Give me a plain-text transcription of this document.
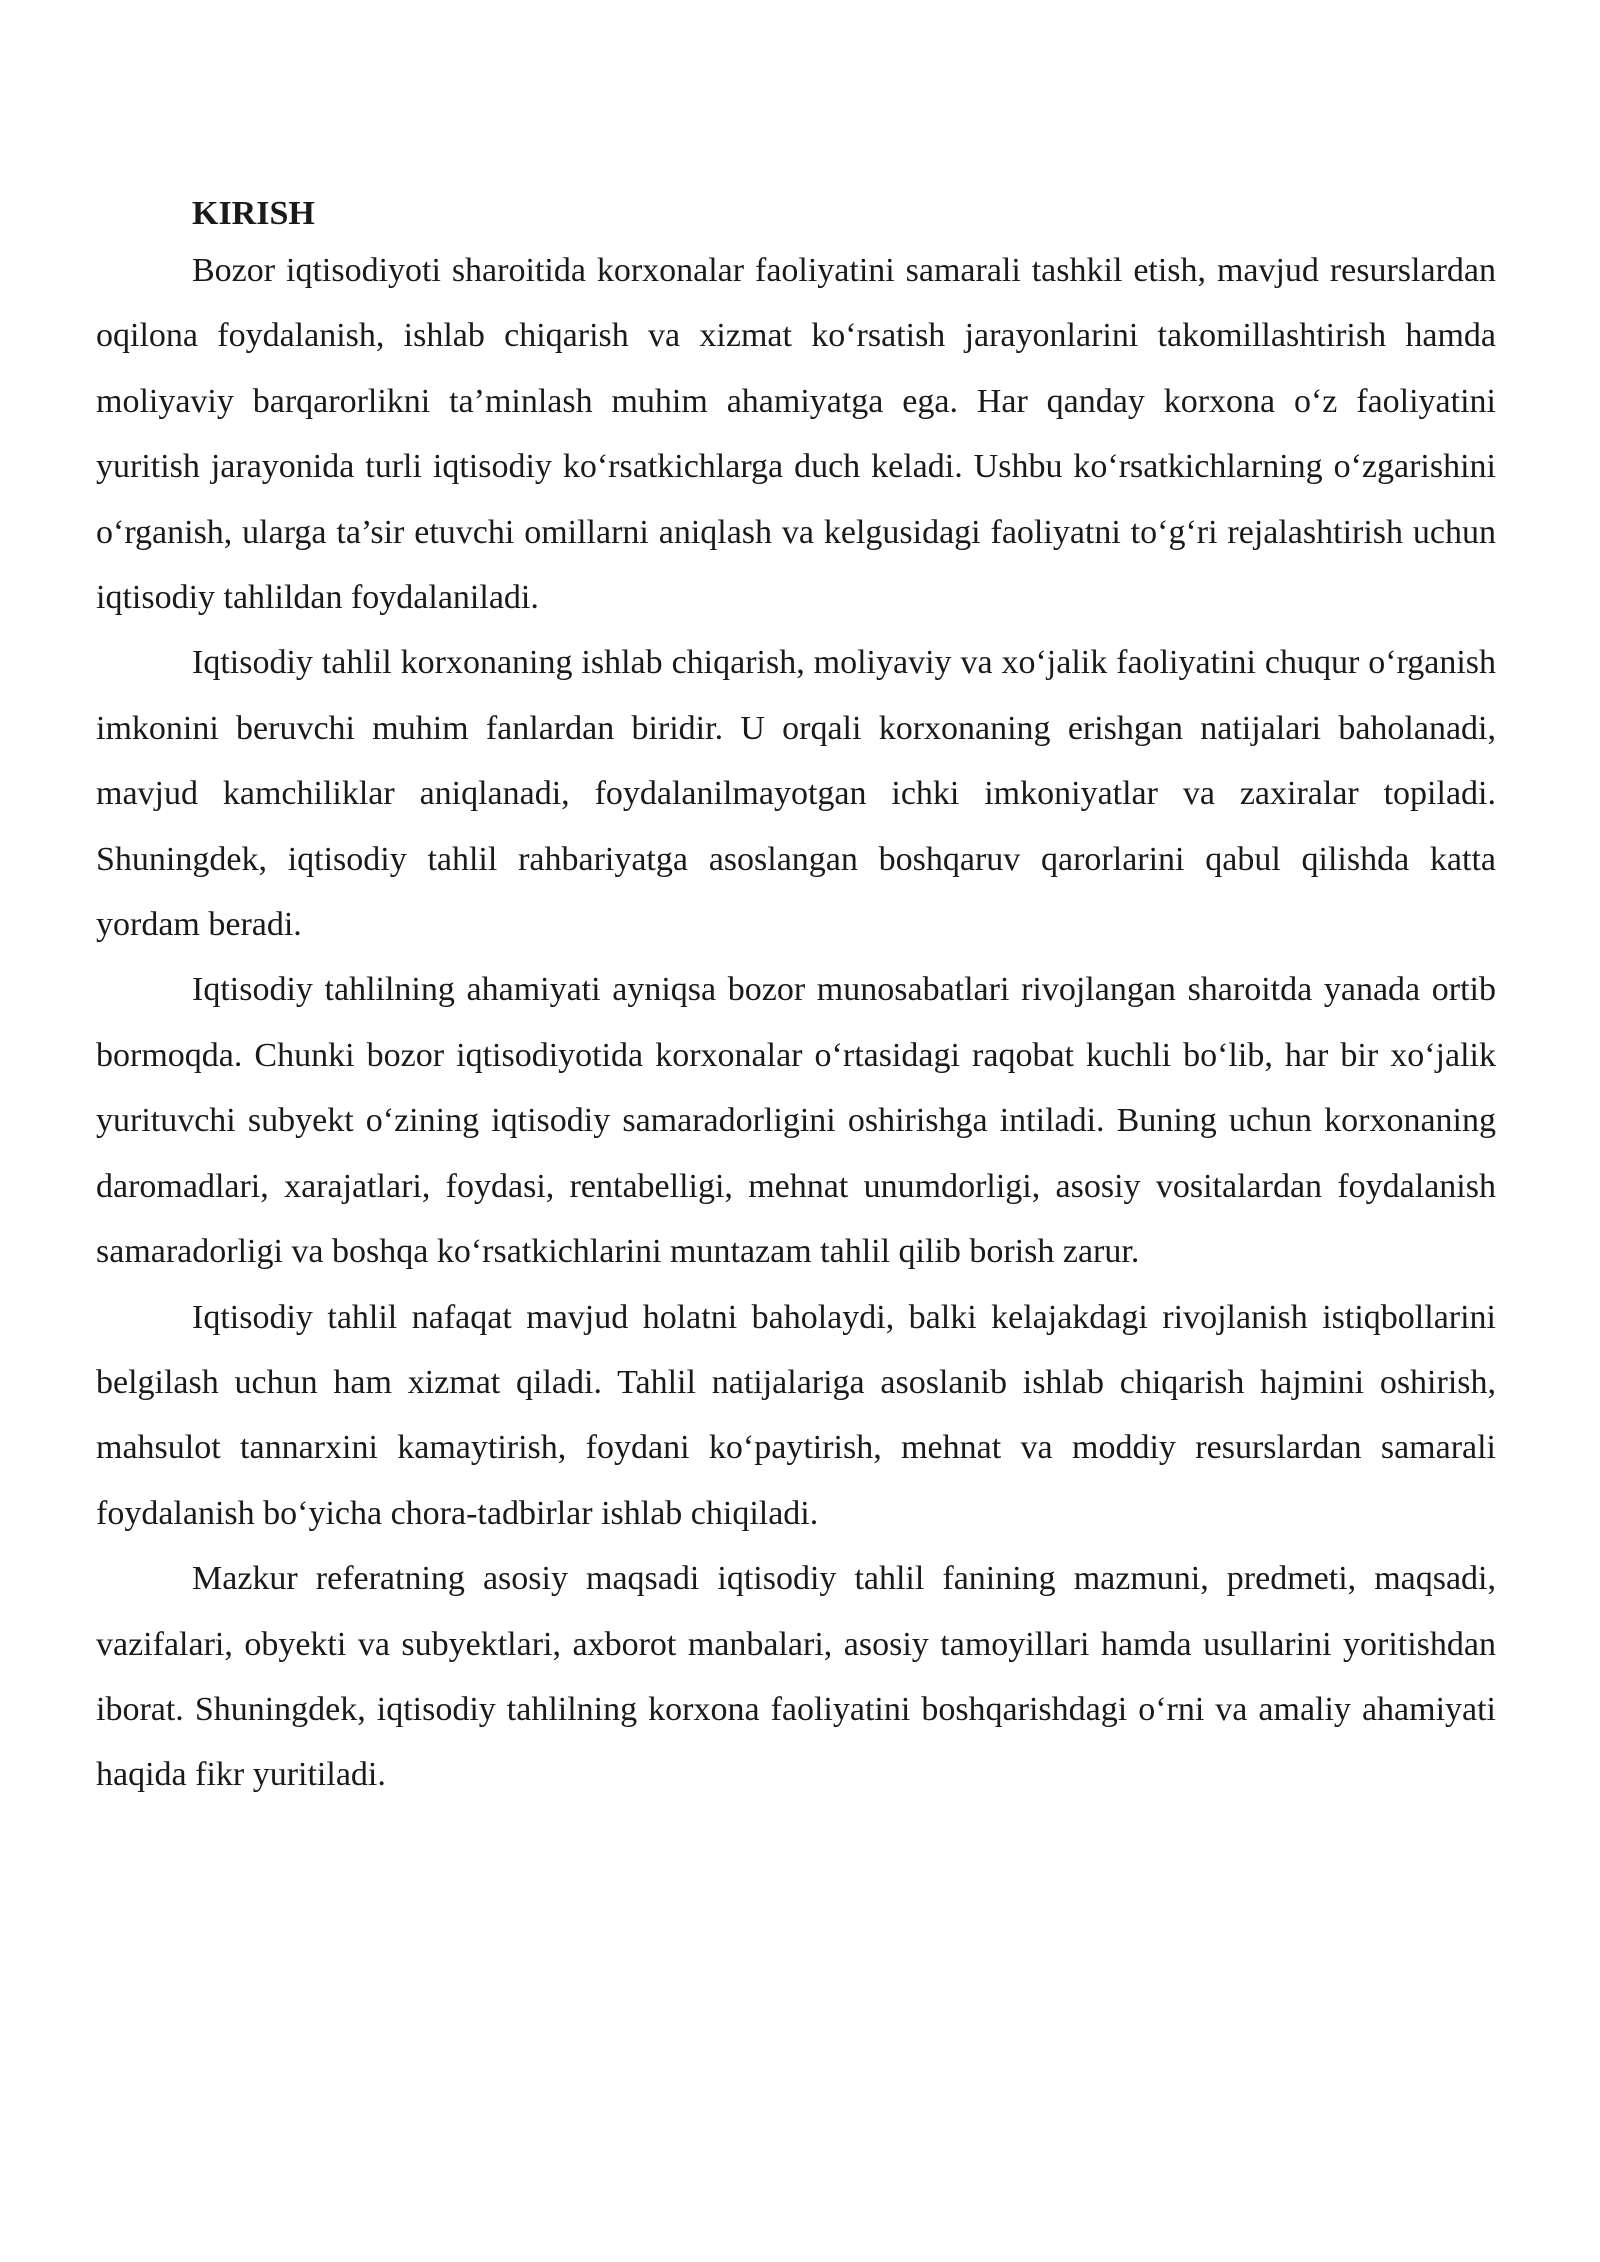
KIRISH

Bozor iqtisodiyoti sharoitida korxonalar faoliyatini samarali tashkil etish, mavjud resurslardan oqilona foydalanish, ishlab chiqarish va xizmat ko‘rsatish jarayonlarini takomillashtirish hamda moliyaviy barqarorlikni ta’minlash muhim ahamiyatga ega. Har qanday korxona o‘z faoliyatini yuritish jarayonida turli iqtisodiy ko‘rsatkichlarga duch keladi. Ushbu ko‘rsatkichlarning o‘zgarishini o‘rganish, ularga ta’sir etuvchi omillarni aniqlash va kelgusidagi faoliyatni to‘g‘ri rejalashtirish uchun iqtisodiy tahlildan foydalaniladi.

Iqtisodiy tahlil korxonaning ishlab chiqarish, moliyaviy va xo‘jalik faoliyatini chuqur o‘rganish imkonini beruvchi muhim fanlardan biridir. U orqali korxonaning erishgan natijalari baholanadi, mavjud kamchiliklar aniqlanadi, foydalanilmayotgan ichki imkoniyatlar va zaxiralar topiladi. Shuningdek, iqtisodiy tahlil rahbariyatga asoslangan boshqaruv qarorlarini qabul qilishda katta yordam beradi.

Iqtisodiy tahlilning ahamiyati ayniqsa bozor munosabatlari rivojlangan sharoitda yanada ortib bormoqda. Chunki bozor iqtisodiyotida korxonalar o‘rtasidagi raqobat kuchli bo‘lib, har bir xo‘jalik yurituvchi subyekt o‘zining iqtisodiy samaradorligini oshirishga intiladi. Buning uchun korxonaning daromadlari, xarajatlari, foydasi, rentabelligi, mehnat unumdorligi, asosiy vositalardan foydalanish samaradorligi va boshqa ko‘rsatkichlarini muntazam tahlil qilib borish zarur.

Iqtisodiy tahlil nafaqat mavjud holatni baholaydi, balki kelajakdagi rivojlanish istiqbollarini belgilash uchun ham xizmat qiladi. Tahlil natijalariga asoslanib ishlab chiqarish hajmini oshirish, mahsulot tannarxini kamaytirish, foydani ko‘paytirish, mehnat va moddiy resurslardan samarali foydalanish bo‘yicha chora-tadbirlar ishlab chiqiladi.

Mazkur referatning asosiy maqsadi iqtisodiy tahlil fanining mazmuni, predmeti, maqsadi, vazifalari, obyekti va subyektlari, axborot manbalari, asosiy tamoyillari hamda usullarini yoritishdan iborat. Shuningdek, iqtisodiy tahlilning korxona faoliyatini boshqarishdagi o‘rni va amaliy ahamiyati haqida fikr yuritiladi.
